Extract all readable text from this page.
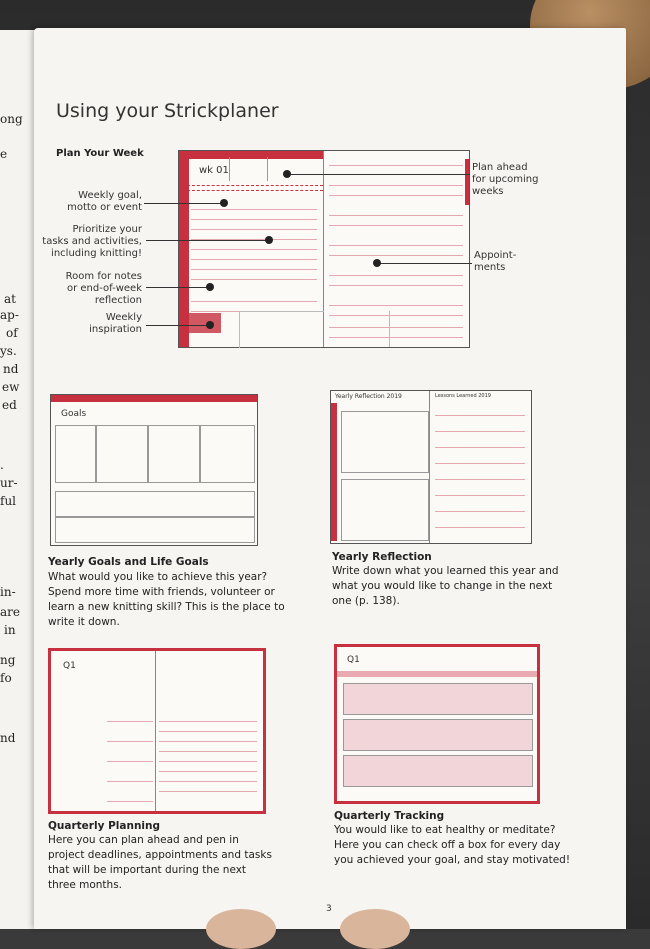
ong
e
at
ap-
of
ys.
nd
ew
ed
.
ur-
ful
in-
are
in
ng
fo
nd
Using your Strickplaner
Plan Your Week
Weekly goal,
motto or event
Prioritize your
tasks and activities,
including knitting!
Room for notes
or end-of-week
reflection
Weekly
inspiration
Plan ahead
for upcoming
weeks
Appoint-
ments
wk 01
Goals
Yearly Goals and Life Goals
What would you like to achieve this year?
Spend more time with friends, volunteer or
learn a new knitting skill? This is the place to
write it down.
Yearly Reflection 2019	Lessons Learned 2019
Yearly Reflection
Write down what you learned this year and
what you would like to change in the next
one (p. 138).
Q1
Quarterly Planning
Here you can plan ahead and pen in
project deadlines, appointments and tasks
that will be important during the next
three months.
Q1
Quarterly Tracking
You would like to eat healthy or meditate?
Here you can check off a box for every day
you achieved your goal, and stay motivated!
3
